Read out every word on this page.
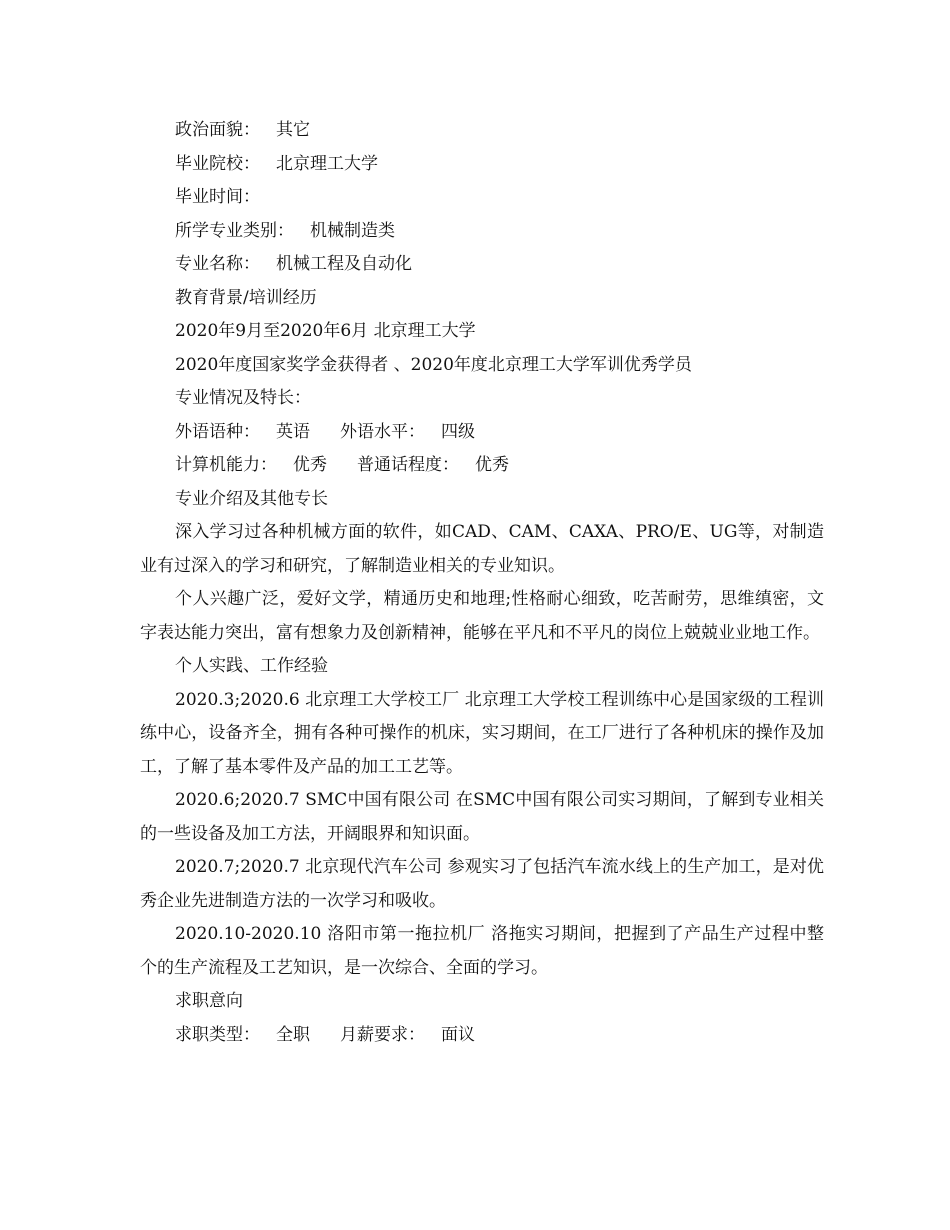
政治面貌： 其它

毕业院校： 北京理工大学

毕业时间：

所学专业类别： 机械制造类

专业名称： 机械工程及自动化

教育背景/培训经历

2020年9月至2020年6月 北京理工大学

2020年度国家奖学金获得者 、2020年度北京理工大学军训优秀学员

专业情况及特长：

外语语种： 英语 外语水平： 四级

计算机能力： 优秀 普通话程度： 优秀

专业介绍及其他专长

深入学习过各种机械方面的软件，如CAD、CAM、CAXA、PRO/E、UG等，对制造业有过深入的学习和研究，了解制造业相关的专业知识。

个人兴趣广泛，爱好文学，精通历史和地理;性格耐心细致，吃苦耐劳，思维缜密，文字表达能力突出，富有想象力及创新精神，能够在平凡和不平凡的岗位上兢兢业业地工作。

个人实践、工作经验

2020.3;2020.6 北京理工大学校工厂 北京理工大学校工程训练中心是国家级的工程训练中心，设备齐全，拥有各种可操作的机床，实习期间，在工厂进行了各种机床的操作及加工，了解了基本零件及产品的加工工艺等。

2020.6;2020.7 SMC中国有限公司 在SMC中国有限公司实习期间，了解到专业相关的一些设备及加工方法，开阔眼界和知识面。

2020.7;2020.7 北京现代汽车公司 参观实习了包括汽车流水线上的生产加工，是对优秀企业先进制造方法的一次学习和吸收。

2020.10-2020.10 洛阳市第一拖拉机厂 洛拖实习期间，把握到了产品生产过程中整个的生产流程及工艺知识，是一次综合、全面的学习。

求职意向

求职类型： 全职 月薪要求： 面议
